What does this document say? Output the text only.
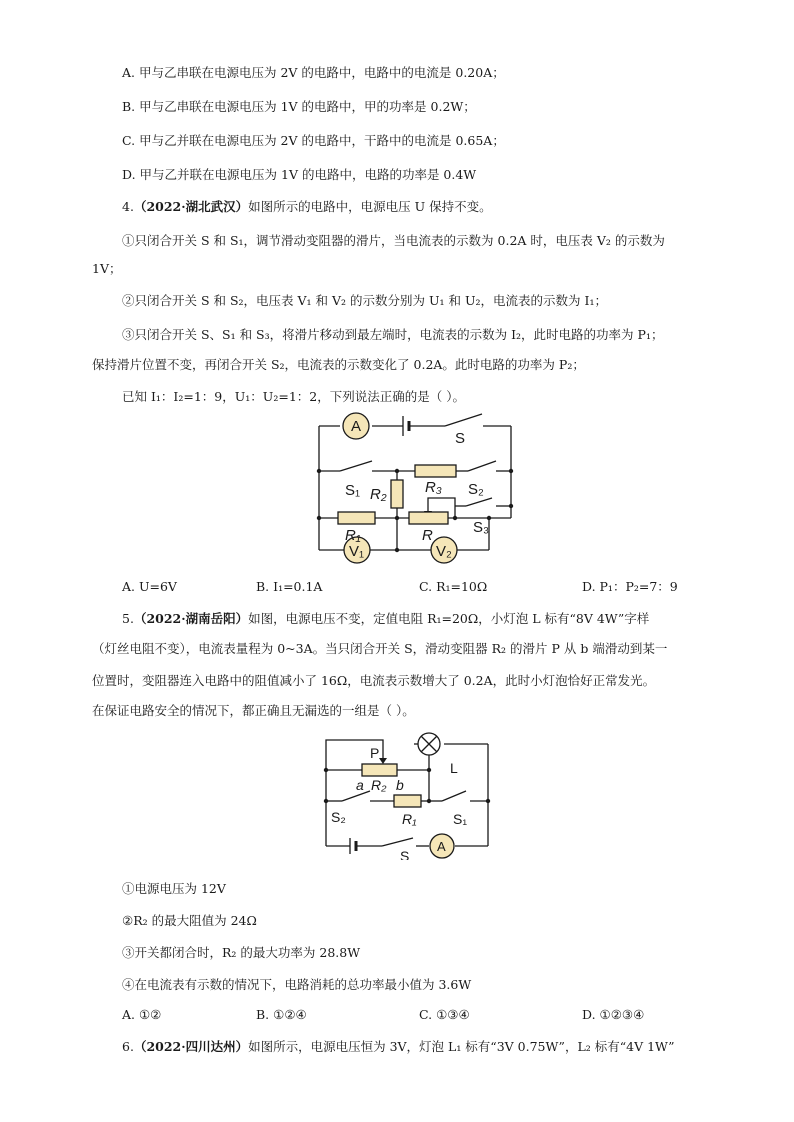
A. 甲与乙串联在电源电压为 2V 的电路中，电路中的电流是 0.20A；
B. 甲与乙串联在电源电压为 1V 的电路中，甲的功率是 0.2W；
C. 甲与乙并联在电源电压为 2V 的电路中，干路中的电流是 0.65A；
D. 甲与乙并联在电源电压为 1V 的电路中，电路的功率是 0.4W
4.（2022·湖北武汉）如图所示的电路中，电源电压 U 保持不变。
①只闭合开关 S 和 S₁，调节滑动变阻器的滑片，当电流表的示数为 0.2A 时，电压表 V₂ 的示数为
1V；
②只闭合开关 S 和 S₂，电压表 V₁ 和 V₂ 的示数分别为 U₁ 和 U₂，电流表的示数为 I₁；
③只闭合开关 S、S₁ 和 S₃，将滑片移动到最左端时，电流表的示数为 I₂，此时电路的功率为 P₁；
保持滑片位置不变，再闭合开关 S₂，电流表的示数变化了 0.2A。此时电路的功率为 P₂；
已知 I₁：I₂=1：9，U₁：U₂=1：2，下列说法正确的是（ ）。
A
S
S₁ R₂	R₃ S₂
R₁	R	S₃
V₁	V₂
A. U=6V	B. I₁=0.1A	C. R₁=10Ω	D. P₁：P₂=7：9
5.（2022·湖南岳阳）如图，电源电压不变，定值电阻 R₁=20Ω，小灯泡 L 标有“8V 4W”字样
（灯丝电阻不变），电流表量程为 0~3A。当只闭合开关 S，滑动变阻器 R₂ 的滑片 P 从 b 端滑动到某一
位置时，变阻器连入电路中的阻值减小了 16Ω，电流表示数增大了 0.2A，此时小灯泡恰好正常发光。
在保证电路安全的情况下，都正确且无漏选的一组是（ ）。
P
a R₂ b
L
S₂	R₁	S₁
S
A
①电源电压为 12V
②R₂ 的最大阻值为 24Ω
③开关都闭合时，R₂ 的最大功率为 28.8W
④在电流表有示数的情况下，电路消耗的总功率最小值为 3.6W
A. ①②	B. ①②④	C. ①③④	D. ①②③④
6.（2022·四川达州）如图所示，电源电压恒为 3V，灯泡 L₁ 标有“3V 0.75W”，L₂ 标有“4V 1W”
